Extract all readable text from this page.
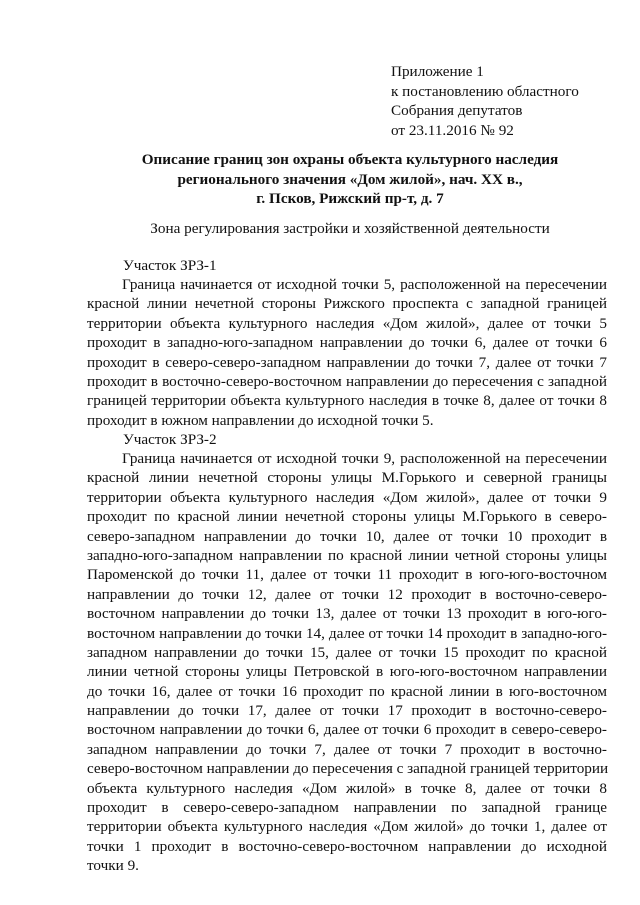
Приложение 1
к постановлению областного
Собрания депутатов
от 23.11.2016 № 92
Описание границ зон охраны объекта культурного наследия
регионального значения «Дом жилой», нач. XX в.,
г. Псков, Рижский пр-т, д. 7
Зона регулирования застройки и хозяйственной деятельности
Участок ЗРЗ-1
Граница начинается от исходной точки 5, расположенной на пересечении
красной линии нечетной стороны Рижского проспекта с западной границей
территории объекта культурного наследия «Дом жилой», далее от точки 5
проходит в западно-юго-западном направлении до точки 6, далее от точки 6
проходит в северо-северо-западном направлении до точки 7, далее от точки 7
проходит в восточно-северо-восточном направлении до пересечения с западной
границей территории объекта культурного наследия в точке 8, далее от точки 8
проходит в южном направлении до исходной точки 5.
Участок ЗРЗ-2
Граница начинается от исходной точки 9, расположенной на пересечении
красной линии нечетной стороны улицы М.Горького и северной границы
территории объекта культурного наследия «Дом жилой», далее от точки 9
проходит по красной линии нечетной стороны улицы М.Горького в северо-
северо-западном направлении до точки 10, далее от точки 10 проходит в
западно-юго-западном направлении по красной линии четной стороны улицы
Пароменской до точки 11, далее от точки 11 проходит в юго-юго-восточном
направлении до точки 12, далее от точки 12 проходит в восточно-северо-
восточном направлении до точки 13, далее от точки 13 проходит в юго-юго-
восточном направлении до точки 14, далее от точки 14 проходит в западно-юго-
западном направлении до точки 15, далее от точки 15 проходит по красной
линии четной стороны улицы Петровской в юго-юго-восточном направлении
до точки 16, далее от точки 16 проходит по красной линии в юго-восточном
направлении до точки 17, далее от точки 17 проходит в восточно-северо-
восточном направлении до точки 6, далее от точки 6 проходит в северо-северо-
западном направлении до точки 7, далее от точки 7 проходит в восточно-
северо-восточном направлении до пересечения с западной границей территории
объекта культурного наследия «Дом жилой» в точке 8, далее от точки 8
проходит в северо-северо-западном направлении по западной границе
территории объекта культурного наследия «Дом жилой» до точки 1, далее от
точки 1 проходит в восточно-северо-восточном направлении до исходной
точки 9.
